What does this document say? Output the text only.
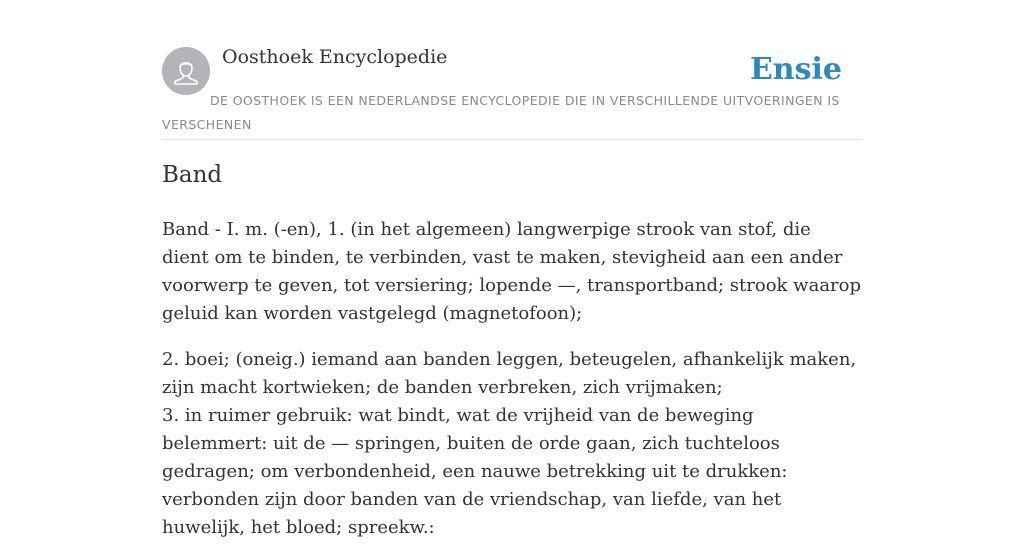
Oosthoek Encyclopedie	Ensie
DE OOSTHOEK IS EEN NEDERLANDSE ENCYCLOPEDIE DIE IN VERSCHILLENDE UITVOERINGEN IS VERSCHENEN
Band

Band - I. m. (-en), 1. (in het algemeen) langwerpige strook van stof, die dient om te binden, te verbinden, vast te maken, stevigheid aan een ander voorwerp te geven, tot versiering; lopende —, transportband; strook waarop geluid kan worden vastgelegd (magnetofoon);

2. boei; (oneig.) iemand aan banden leggen, beteugelen, afhankelijk maken, zijn macht kortwieken; de banden verbreken, zich vrijmaken;
3. in ruimer gebruik: wat bindt, wat de vrijheid van de beweging belemmert: uit de — springen, buiten de orde gaan, zich tuchteloos gedragen; om verbondenheid, een nauwe betrekking uit te drukken: verbonden zijn door banden van de vriendschap, van liefde, van het huwelijk, het bloed; spreekw.:
